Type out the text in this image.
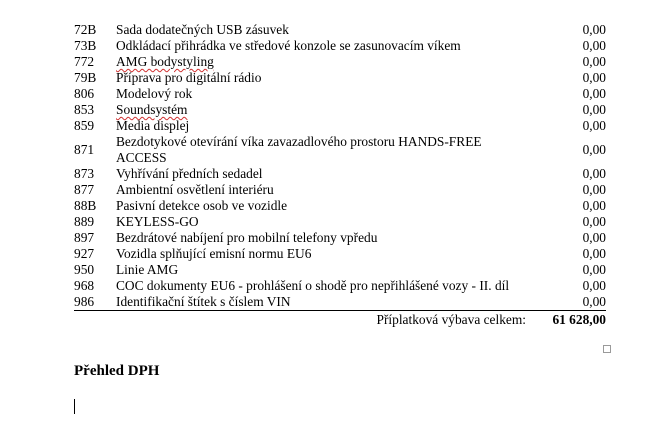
72B	Sada dodatečných USB zásuvek	0,00
73B	Odkládací přihrádka ve středové konzole se zasunovacím víkem	0,00
772	AMG bodystyling	0,00
79B	Příprava pro digitální rádio	0,00
806	Modelový rok	0,00
853	Soundsystém	0,00
859	Media displej	0,00
871	Bezdotykové otevírání víka zavazadlového prostoru HANDS-FREE ACCESS	0,00
873	Vyhřívání předních sedadel	0,00
877	Ambientní osvětlení interiéru	0,00
88B	Pasivní detekce osob ve vozidle	0,00
889	KEYLESS-GO	0,00
897	Bezdrátové nabíjení pro mobilní telefony vpředu	0,00
927	Vozidla splňující emisní normu EU6	0,00
950	Linie AMG	0,00
968	COC dokumenty EU6 - prohlášení o shodě pro nepřihlášené vozy - II. díl	0,00
986	Identifikační štítek s číslem VIN	0,00
Příplatková výbava celkem:		61 628,00
Přehled DPH
